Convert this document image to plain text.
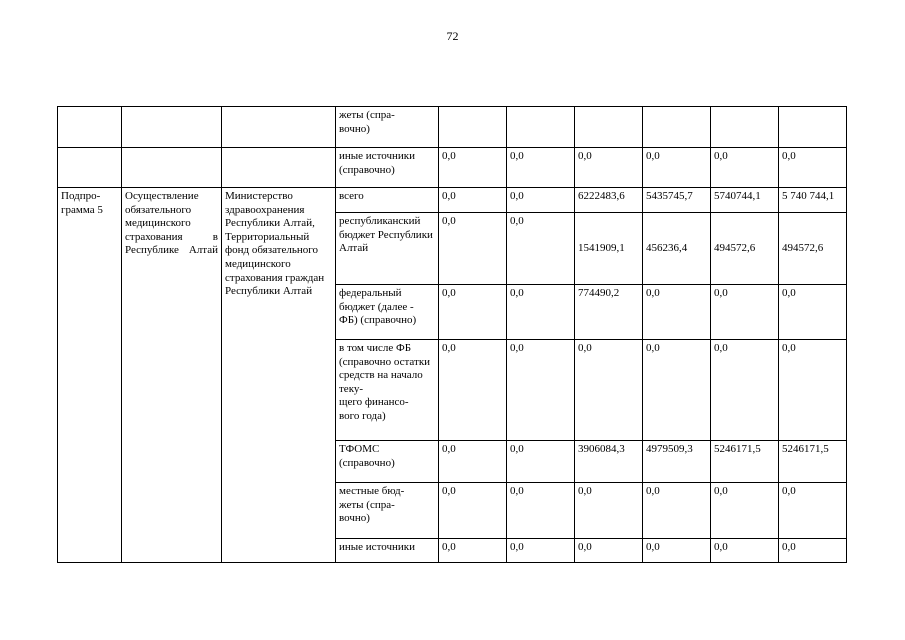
72
			жеты (спра-
вочно)						
			иные источники
(справочно)	0,0	0,0	0,0	0,0	0,0	0,0
Подпро-
грамма 5	Осуществление обязательного медицинского страхования в Республике Алтай	Министерство здравоохранения Республики Алтай, Территориальный фонд обязательного медицинского страхования граждан Республики Алтай	всего	0,0	0,0	6222483,6	5435745,7	5740744,1	5 740 744,1
			республиканский бюджет Республики Алтай	0,0	0,0	1541909,1	456236,4	494572,6	494572,6
			федеральный бюджет (далее - ФБ) (справочно)	0,0	0,0	774490,2	0,0	0,0	0,0
			в том числе ФБ (справочно остатки средств на начало теку-
щего финансо-
вого года)	0,0	0,0	0,0	0,0	0,0	0,0
			ТФОМС
(справочно)	0,0	0,0	3906084,3	4979509,3	5246171,5	5246171,5
			местные бюд-
жеты (спра-
вочно)	0,0	0,0	0,0	0,0	0,0	0,0
			иные источники	0,0	0,0	0,0	0,0	0,0	0,0
